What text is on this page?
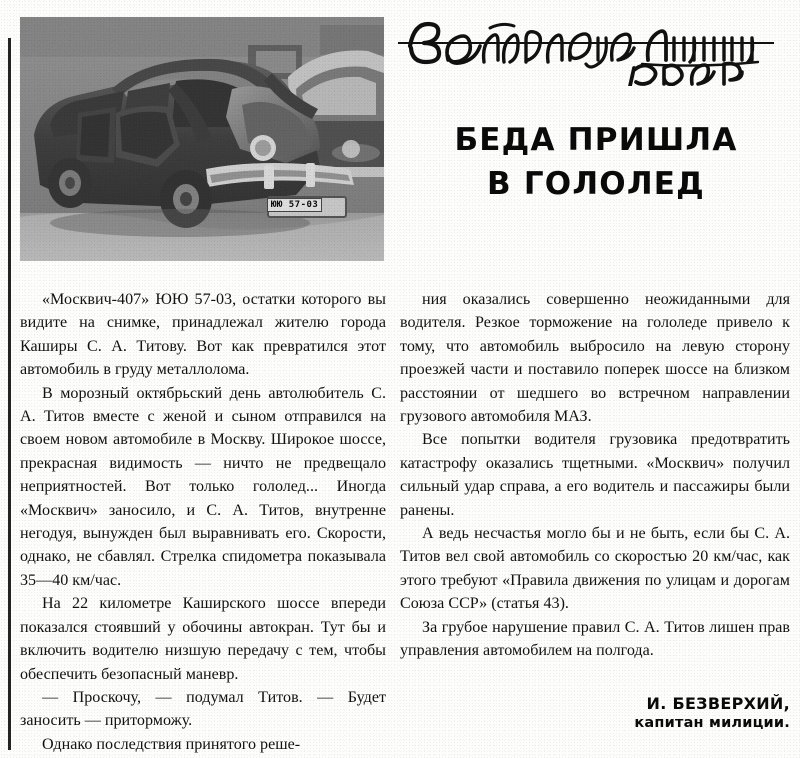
ЮЮ 57-03
БЕДА ПРИШЛА
В ГОЛОЛЕД

«Москвич-407» ЮЮ 57-03, остатки которого вы видите на снимке, принадлежал жителю города Каширы С. А. Титову. Вот как превратился этот автомобиль в груду металлолома.

В морозный октябрьский день автолюбитель С. А. Титов вместе с женой и сыном отправился на своем новом автомобиле в Москву. Широкое шоссе, прекрасная видимость — ничто не предвещало неприятностей. Вот только гололед... Иногда «Москвич» заносило, и С. А. Титов, внутренне негодуя, вынужден был выравнивать его. Скорости, однако, не сбавлял. Стрелка спидометра показывала 35—40 км/час.

На 22 километре Каширского шоссе впереди показался стоявший у обочины автокран. Тут бы и включить водителю низшую передачу с тем, чтобы обеспечить безопасный маневр.

— Проскочу, — подумал Титов. — Будет заносить — приторможу.

Однако последствия принятого реше-

ния оказались совершенно неожиданными для водителя. Резкое торможение на гололеде привело к тому, что автомобиль выбросило на левую сторону проезжей части и поставило поперек шоссе на близком расстоянии от шедшего во встречном направлении грузового автомобиля МАЗ.

Все попытки водителя грузовика предотвратить катастрофу оказались тщетными. «Москвич» получил сильный удар справа, а его водитель и пассажиры были ранены.

А ведь несчастья могло бы и не быть, если бы С. А. Титов вел свой автомобиль со скоростью 20 км/час, как этого требуют «Правила движения по улицам и дорогам Союза ССР» (статья 43).

За грубое нарушение правил С. А. Титов лишен прав управления автомобилем на полгода.

И. БЕЗВЕРХИЙ,
капитан милиции.
